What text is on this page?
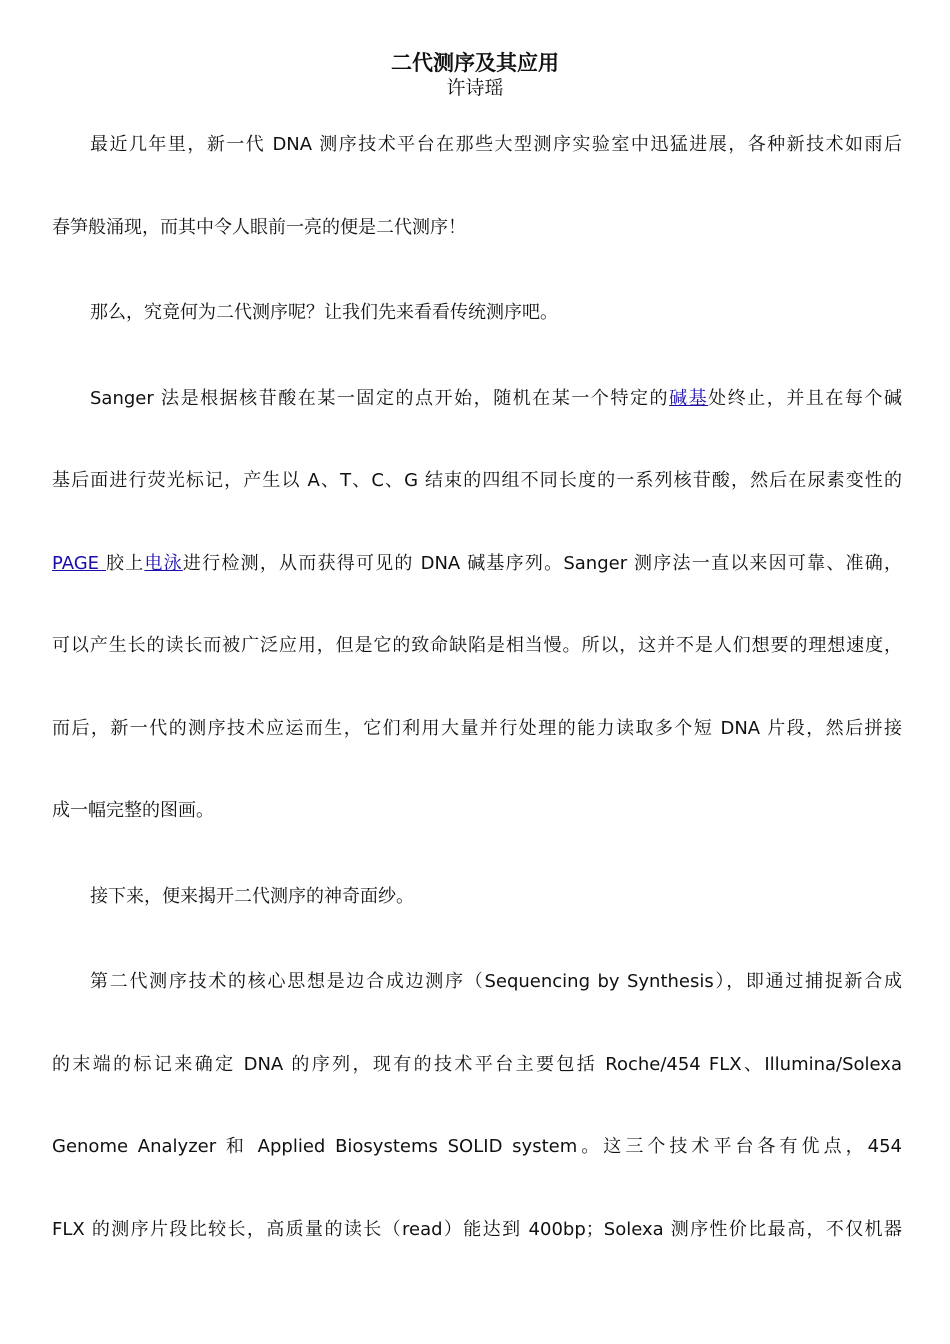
二代测序及其应用
许诗瑶

最近几年里，新一代 DNA 测序技术平台在那些大型测序实验室中迅猛进展，各种新技术如雨后

春笋般涌现，而其中令人眼前一亮的便是二代测序！

那么，究竟何为二代测序呢？让我们先来看看传统测序吧。

Sanger 法是根据核苷酸在某一固定的点开始，随机在某一个特定的碱基处终止，并且在每个碱

基后面进行荧光标记，产生以 A、T、C、G 结束的四组不同长度的一系列核苷酸，然后在尿素变性的

PAGE 胶上电泳进行检测，从而获得可见的 DNA 碱基序列。Sanger 测序法一直以来因可靠、准确，

可以产生长的读长而被广泛应用，但是它的致命缺陷是相当慢。所以，这并不是人们想要的理想速度，

而后，新一代的测序技术应运而生，它们利用大量并行处理的能力读取多个短 DNA 片段，然后拼接

成一幅完整的图画。

接下来，便来揭开二代测序的神奇面纱。

第二代测序技术的核心思想是边合成边测序（Sequencing by Synthesis），即通过捕捉新合成

的末端的标记来确定 DNA 的序列，现有的技术平台主要包括 Roche/454 FLX、Illumina/Solexa

Genome Analyzer 和 Applied Biosystems SOLID system。这三个技术平台各有优点，454

FLX 的测序片段比较长，高质量的读长（read）能达到 400bp；Solexa 测序性价比最高，不仅机器
